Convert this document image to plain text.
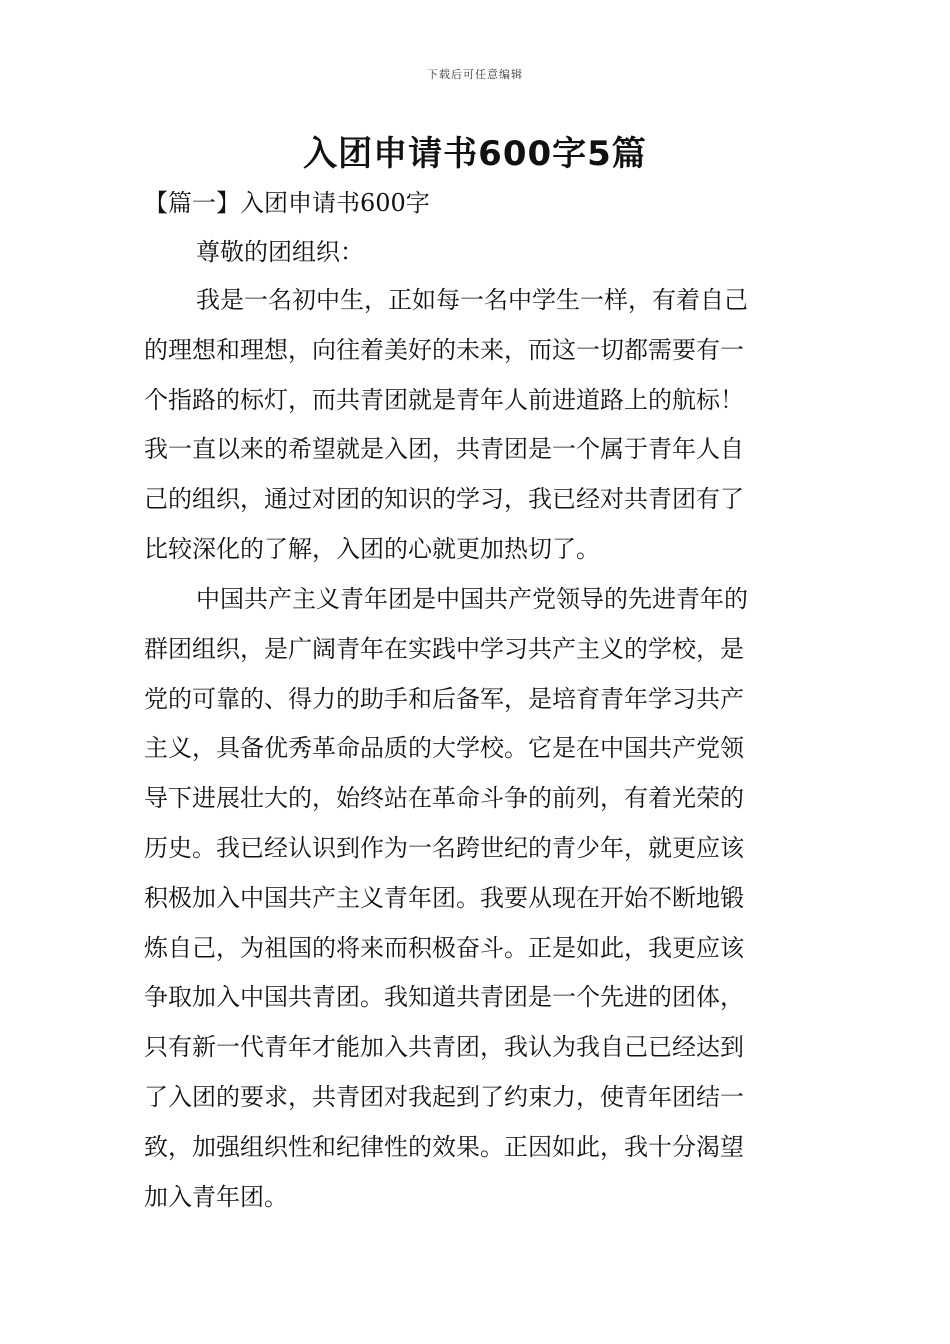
下载后可任意编辑
入团申请书600字5篇

【篇一】入团申请书600字

尊敬的团组织：

我是一名初中生，正如每一名中学生一样，有着自己
的理想和理想，向往着美好的未来，而这一切都需要有一
个指路的标灯，而共青团就是青年人前进道路上的航标！
我一直以来的希望就是入团，共青团是一个属于青年人自
己的组织，通过对团的知识的学习，我已经对共青团有了
比较深化的了解，入团的心就更加热切了。
中国共产主义青年团是中国共产党领导的先进青年的
群团组织，是广阔青年在实践中学习共产主义的学校，是
党的可靠的、得力的助手和后备军，是培育青年学习共产
主义，具备优秀革命品质的大学校。它是在中国共产党领
导下进展壮大的，始终站在革命斗争的前列，有着光荣的
历史。我已经认识到作为一名跨世纪的青少年，就更应该
积极加入中国共产主义青年团。我要从现在开始不断地锻
炼自己，为祖国的将来而积极奋斗。正是如此，我更应该
争取加入中国共青团。我知道共青团是一个先进的团体，
只有新一代青年才能加入共青团，我认为我自己已经达到
了入团的要求，共青团对我起到了约束力，使青年团结一
致，加强组织性和纪律性的效果。正因如此，我十分渴望
加入青年团。
